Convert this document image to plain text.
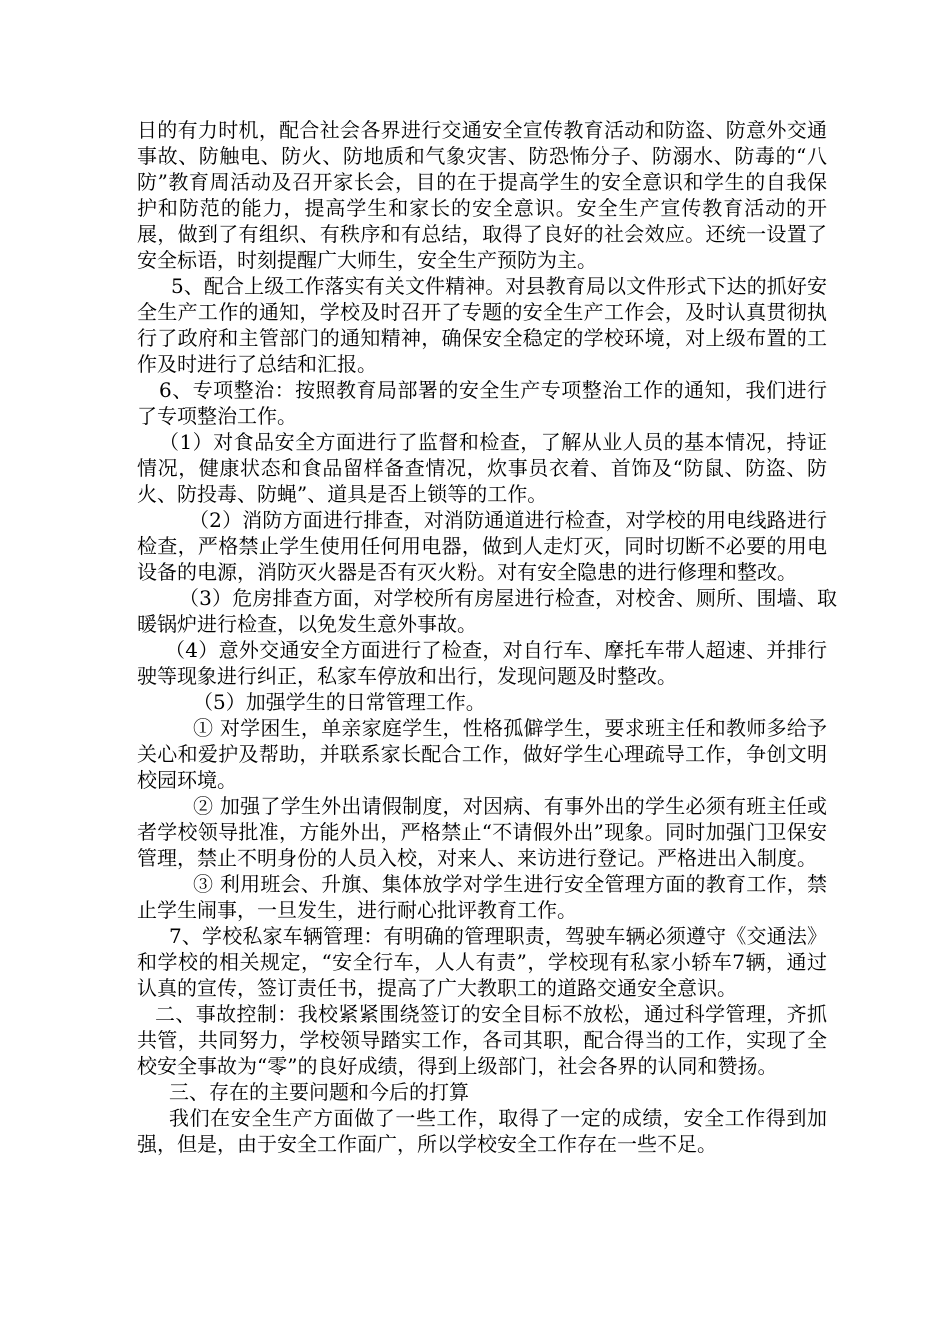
日的有力时机，配合社会各界进行交通安全宣传教育活动和防盗、防意外交通事故、防触电、防火、防地质和气象灾害、防恐怖分子、防溺水、防毒的“八防”教育周活动及召开家长会，目的在于提高学生的安全意识和学生的自我保护和防范的能力，提高学生和家长的安全意识。安全生产宣传教育活动的开展，做到了有组织、有秩序和有总结，取得了良好的社会效应。还统一设置了安全标语，时刻提醒广大师生，安全生产预防为主。

5、配合上级工作落实有关文件精神。对县教育局以文件形式下达的抓好安全生产工作的通知，学校及时召开了专题的安全生产工作会，及时认真贯彻执行了政府和主管部门的通知精神，确保安全稳定的学校环境，对上级布置的工作及时进行了总结和汇报。

6、专项整治：按照教育局部署的安全生产专项整治工作的通知，我们进行了专项整治工作。

（1）对食品安全方面进行了监督和检查，了解从业人员的基本情况，持证情况，健康状态和食品留样备查情况，炊事员衣着、首饰及“防鼠、防盗、防火、防投毒、防蝇”、道具是否上锁等的工作。

（2）消防方面进行排查，对消防通道进行检查，对学校的用电线路进行检查，严格禁止学生使用任何用电器，做到人走灯灭，同时切断不必要的用电设备的电源，消防灭火器是否有灭火粉。对有安全隐患的进行修理和整改。

（3）危房排查方面，对学校所有房屋进行检查，对校舍、厕所、围墙、取暖锅炉进行检查，以免发生意外事故。

（4）意外交通安全方面进行了检查，对自行车、摩托车带人超速、并排行驶等现象进行纠正，私家车停放和出行，发现问题及时整改。

（5）加强学生的日常管理工作。

① 对学困生，单亲家庭学生，性格孤僻学生，要求班主任和教师多给予关心和爱护及帮助，并联系家长配合工作，做好学生心理疏导工作，争创文明校园环境。

② 加强了学生外出请假制度，对因病、有事外出的学生必须有班主任或者学校领导批准，方能外出，严格禁止“不请假外出”现象。同时加强门卫保安管理，禁止不明身份的人员入校，对来人、来访进行登记。严格进出入制度。

③ 利用班会、升旗、集体放学对学生进行安全管理方面的教育工作，禁止学生闹事，一旦发生，进行耐心批评教育工作。

7、学校私家车辆管理：有明确的管理职责，驾驶车辆必须遵守《交通法》和学校的相关规定，“安全行车，人人有责”，学校现有私家小轿车7辆，通过认真的宣传，签订责任书，提高了广大教职工的道路交通安全意识。

二、事故控制：我校紧紧围绕签订的安全目标不放松，通过科学管理，齐抓共管，共同努力，学校领导踏实工作，各司其职，配合得当的工作，实现了全校安全事故为“零”的良好成绩，得到上级部门，社会各界的认同和赞扬。

三、存在的主要问题和今后的打算

我们在安全生产方面做了一些工作，取得了一定的成绩，安全工作得到加强，但是，由于安全工作面广，所以学校安全工作存在一些不足。
